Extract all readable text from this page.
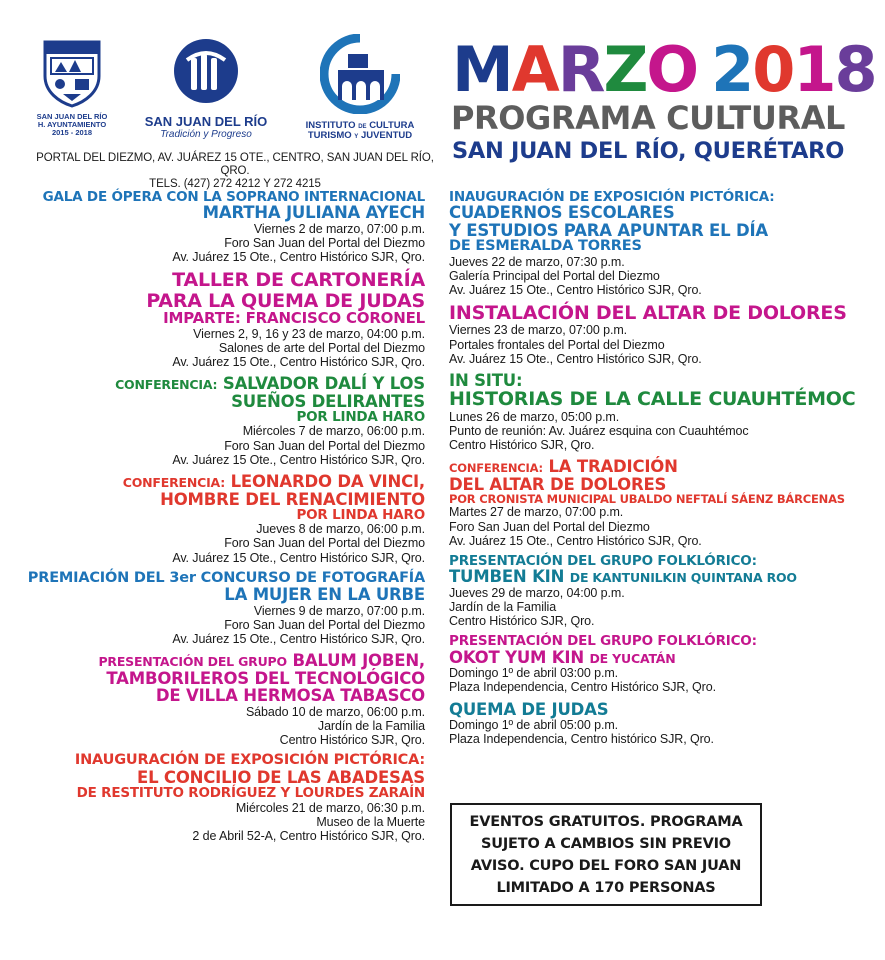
SAN JUAN DEL RÍO
H. AYUNTAMIENTO
2015 - 2018
SAN JUAN DEL RÍO
Tradición y Progreso
INSTITUTO DE CULTURA
TURISMO Y JUVENTUD
PORTAL DEL DIEZMO, AV. JUÁREZ 15 OTE., CENTRO, SAN JUAN DEL RÍO, QRO.
TELS. (427) 272 4212 Y 272 4215
M A R Z O 2 0 1 8
PROGRAMA CULTURAL
SAN JUAN DEL RÍO, QUERÉTARO
GALA DE ÓPERA CON LA SOPRANO INTERNACIONAL
MARTHA JULIANA AYECH
Viernes 2 de marzo, 07:00 p.m.
Foro San Juan del Portal del Diezmo
Av. Juárez 15 Ote., Centro Histórico SJR, Qro.
TALLER DE CARTONERÍA
PARA LA QUEMA DE JUDAS
IMPARTE: FRANCISCO CORONEL
Viernes 2, 9, 16 y 23 de marzo, 04:00 p.m.
Salones de arte del Portal del Diezmo
Av. Juárez 15 Ote., Centro Histórico SJR, Qro.
CONFERENCIA: SALVADOR DALÍ Y LOS
SUEÑOS DELIRANTES
POR LINDA HARO
Miércoles 7 de marzo, 06:00 p.m.
Foro San Juan del Portal del Diezmo
Av. Juárez 15 Ote., Centro Histórico SJR, Qro.
CONFERENCIA: LEONARDO DA VINCI,
HOMBRE DEL RENACIMIENTO
POR LINDA HARO
Jueves 8 de marzo, 06:00 p.m.
Foro San Juan del Portal del Diezmo
Av. Juárez 15 Ote., Centro Histórico SJR, Qro.
PREMIACIÓN DEL 3er CONCURSO DE FOTOGRAFÍA
LA MUJER EN LA URBE
Viernes 9 de marzo, 07:00 p.m.
Foro San Juan del Portal del Diezmo
Av. Juárez 15 Ote., Centro Histórico SJR, Qro.
PRESENTACIÓN DEL GRUPO BALUM JOBEN,
TAMBORILEROS DEL TECNOLÓGICO
DE VILLA HERMOSA TABASCO
Sábado 10 de marzo, 06:00 p.m.
Jardín de la Familia
Centro Histórico SJR, Qro.
INAUGURACIÓN DE EXPOSICIÓN PICTÓRICA:
EL CONCILIO DE LAS ABADESAS
DE RESTITUTO RODRÍGUEZ Y LOURDES ZARAÍN
Miércoles 21 de marzo, 06:30 p.m.
Museo de la Muerte
2 de Abril 52-A, Centro Histórico SJR, Qro.
INAUGURACIÓN DE EXPOSICIÓN PICTÓRICA:
CUADERNOS ESCOLARES
Y ESTUDIOS PARA APUNTAR EL DÍA
DE ESMERALDA TORRES
Jueves 22 de marzo, 07:30 p.m.
Galería Principal del Portal del Diezmo
Av. Juárez 15 Ote., Centro Histórico SJR, Qro.
INSTALACIÓN DEL ALTAR DE DOLORES
Viernes 23 de marzo, 07:00 p.m.
Portales frontales del Portal del Diezmo
Av. Juárez 15 Ote., Centro Histórico SJR, Qro.
IN SITU:
HISTORIAS DE LA CALLE CUAUHTÉMOC
Lunes 26 de marzo, 05:00 p.m.
Punto de reunión: Av. Juárez esquina con Cuauhtémoc
Centro Histórico SJR, Qro.
CONFERENCIA: LA TRADICIÓN
DEL ALTAR DE DOLORES
POR CRONISTA MUNICIPAL UBALDO NEFTALÍ SÁENZ BÁRCENAS
Martes 27 de marzo, 07:00 p.m.
Foro San Juan del Portal del Diezmo
Av. Juárez 15 Ote., Centro Histórico SJR, Qro.
PRESENTACIÓN DEL GRUPO FOLKLÓRICO:
TUMBEN KIN DE KANTUNILKIN QUINTANA ROO
Jueves 29 de marzo, 04:00 p.m.
Jardín de la Familia
Centro Histórico SJR, Qro.
PRESENTACIÓN DEL GRUPO FOLKLÓRICO:
OKOT YUM KIN DE YUCATÁN
Domingo 1º de abril 03:00 p.m.
Plaza Independencia, Centro Histórico SJR, Qro.
QUEMA DE JUDAS
Domingo 1º de abril 05:00 p.m.
Plaza Independencia, Centro histórico SJR, Qro.
EVENTOS GRATUITOS. PROGRAMA
SUJETO A CAMBIOS SIN PREVIO
AVISO. CUPO DEL FORO SAN JUAN
LIMITADO A 170 PERSONAS
